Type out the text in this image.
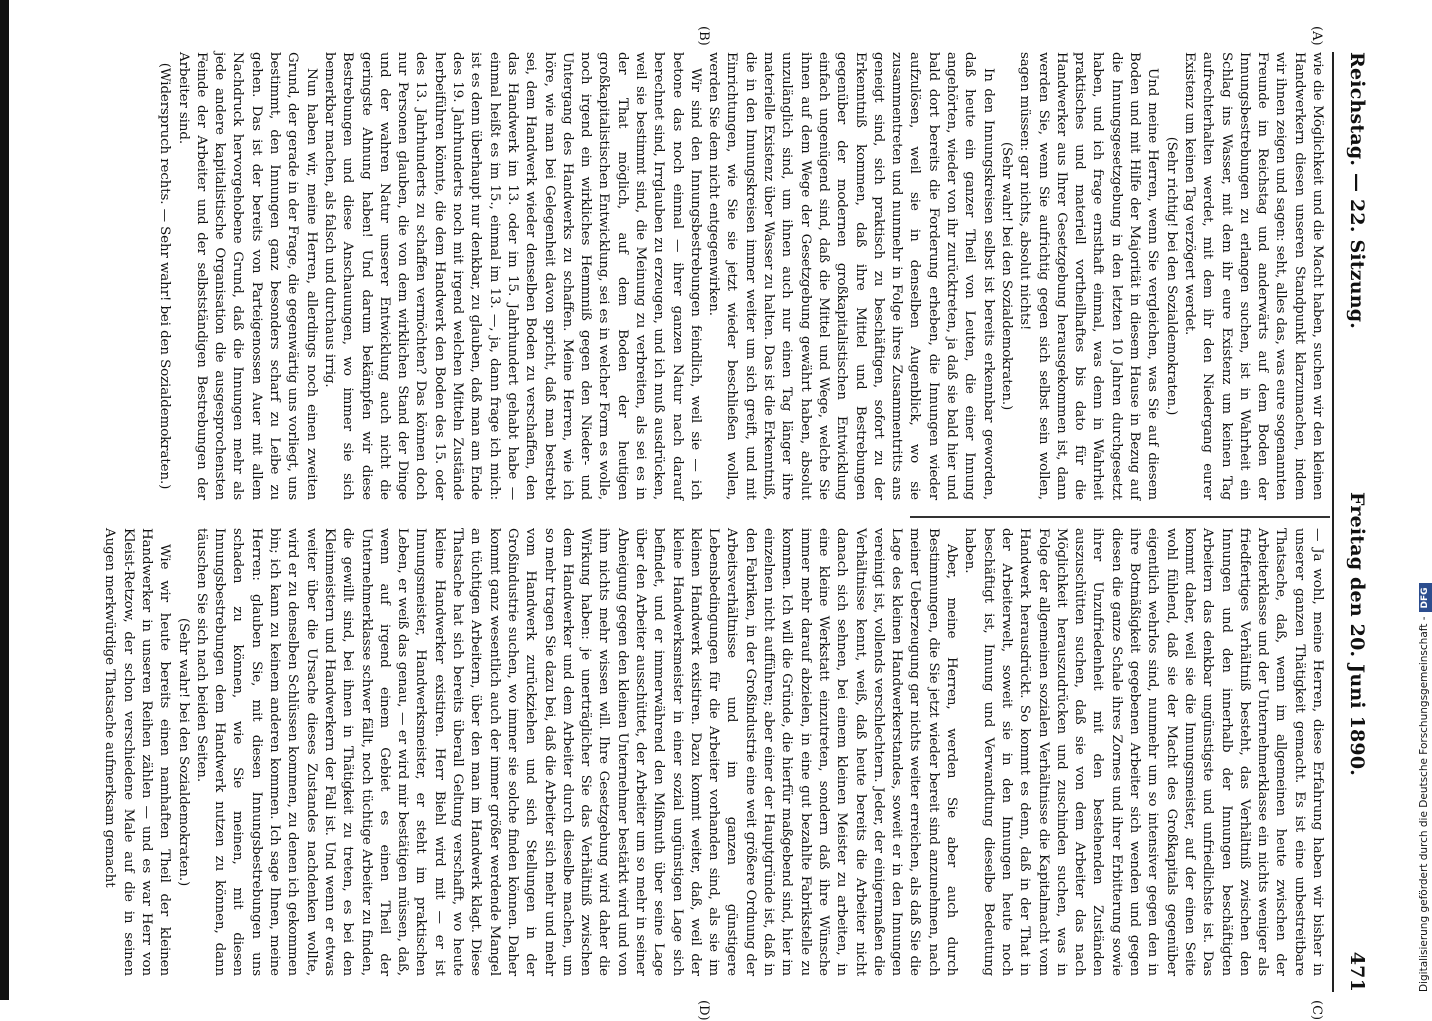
Reichstag. — 22. Sitzung.
Freitag den 20. Juni 1890.
471
(A)
(B)
(C)
(D)

wie die Möglichkeit und die Macht haben, suchen wir den kleinen Handwerkern diesen unseren Standpunkt klarzumachen, indem wir ihnen zeigen und sagen: seht, alles das, was eure sogenannten Freunde im Reichstag und anderwärts auf dem Boden der Innungsbestrebungen zu erlangen suchen, ist in Wahrheit ein Schlag ins Wasser, mit dem ihr eure Existenz um keinen Tag aufrechterhalten werdet, mit dem ihr den Niedergang eurer Existenz um keinen Tag verzögert werdet.

(Sehr richtig! bei den Sozialdemokraten.)

Und meine Herren, wenn Sie vergleichen, was Sie auf diesem Boden und mit Hilfe der Majorität in diesem Hause in Bezug auf die Innungsgesetzgebung in den letzten 10 Jahren durchgesetzt haben, und ich frage ernsthaft einmal, was denn in Wahrheit praktisches und materiell vortheilhaftes bis dato für die Handwerker aus Ihrer Gesetzgebung herausgekommen ist, dann werden Sie, wenn Sie aufrichtig gegen sich selbst sein wollen, sagen müssen: gar nichts, absolut nichts!

(Sehr wahr! bei den Sozialdemokraten.)

In den Innungskreisen selbst ist bereits erkennbar geworden, daß heute ein ganzer Theil von Leuten, die einer Innung angehörten, wieder von ihr zurücktreten, ja daß sie bald hier und bald dort bereits die Forderung erheben, die Innungen wieder aufzulösen, weil sie in denselben Augenblick, wo sie zusammentreten und nunmehr in Folge ihres Zusammentritts ans geneigt sind, sich praktisch zu beschäftigen, sofort zu der Erkenntniß kommen, daß ihre Mittel und Bestrebungen gegenüber der modernen großkapitalistischen Entwicklung einfach ungenügend sind, daß die Mittel und Wege, welche Sie ihnen auf dem Wege der Gesetzgebung gewährt haben, absolut unzulänglich sind, um ihnen auch nur einen Tag länger ihre materielle Existenz über Wasser zu halten. Das ist die Erkenntniß, die in den Innungskreisen immer weiter um sich greift, und mit Einrichtungen, wie Sie sie jetzt wieder beschließen wollen, werden Sie dem nicht entgegenwirken.

Wir sind den Innungsbestrebungen feindlich, weil sie — ich betone das noch einmal — ihrer ganzen Natur nach darauf berechnet sind, Irrglauben zu erzeugen, und ich muß ausdrücken, weil sie bestimmt sind, die Meinung zu verbreiten, als sei es in der That möglich, auf dem Boden der heutigen großkapitalistischen Entwicklung, sei es in welcher Form es wolle, noch irgend ein wirkliches Hemmniß gegen den Nieder- und Untergang des Handwerks zu schaffen. Meine Herren, wie ich höre, wie man bei Gelegenheit davon spricht, daß man bestrebt sei, dem Handwerk wieder denselben Boden zu verschaffen, den das Handwerk im 13. oder im 15. Jahrhundert gehabt habe — einmal heißt es im 15., einmal im 13. —, ja, dann frage ich mich: ist es denn überhaupt nur denkbar, zu glauben, daß man am Ende des 19. Jahrhunderts noch mit irgend welchen Mitteln Zustände herbeiführen könnte, die dem Handwerk den Boden des 15. oder des 13. Jahrhunderts zu schaffen vermöchten? Das können doch nur Personen glauben, die von dem wirklichen Stand der Dinge und der wahren Natur unserer Entwicklung auch nicht die geringste Ahnung haben! Und darum bekämpfen wir diese Bestrebungen und diese Anschauungen, wo immer sie sich bemerkbar machen, als falsch und durchaus irrig.

Nun haben wir, meine Herren, allerdings noch einen zweiten Grund, der gerade in der Frage, die gegenwärtig uns vorliegt, uns bestimmt, den Innungen ganz besonders scharf zu Leibe zu gehen. Das ist der bereits von Parteigenossen Auer mit allem Nachdruck hervorgehobene Grund, daß die Innungen mehr als jede andere kapitalistische Organisation die ausgesprochensten Feinde der Arbeiter und der selbstständigen Bestrebungen der Arbeiter sind.

(Widerspruch rechts. — Sehr wahr! bei den Sozialdemokraten.)

— Ja wohl, meine Herren, diese Erfahrung haben wir bisher in unserer ganzen Thätigkeit gemacht. Es ist eine unbestreitbare Thatsache, daß, wenn im allgemeinen heute zwischen der Arbeiterklasse und der Unternehmerklasse ein nichts weniger als friedfertiges Verhältniß besteht, das Verhältniß zwischen den Innungen und den innerhalb der Innungen beschäftigten Arbeitern das denkbar ungünstigste und unfriedlichste ist. Das kommt daher, weil sie die Innungsmeister, auf der einen Seite wohl fühlend, daß sie der Macht des Großkapitals gegenüber eigentlich wehrlos sind, nunmehr um so intensiver gegen den in ihre Botmäßigkeit gegebenen Arbeiter sich wenden und gegen diesen die ganze Schale ihres Zornes und ihrer Erbitterung sowie ihrer Unzufriedenheit mit den bestehenden Zuständen auszuschütten suchen, daß sie von dem Arbeiter das nach Möglichkeit herauszudrücken und zuschinden suchen, was in Folge der allgemeinen sozialen Verhältnisse die Kapitalmacht vom Handwerk herausdrückt. So kommt es denn, daß in der That in der Arbeiterwelt, soweit sie in den Innungen heute noch beschäftigt ist, Innung und Verwandtung dieselbe Bedeutung haben.

Aber, meine Herren, werden Sie aber auch durch Bestimmungen, die Sie jetzt wieder bereit sind anzunehmen, nach meiner Ueberzeugung gar nichts weiter erreichen, als daß Sie die Lage des kleinen Handwerkerstandes, soweit er in den Innungen vereinigt ist, vollends verschlechtern. Jeder, der einigermaßen die Verhältnisse kennt, weiß, daß heute bereits die Arbeiter nicht danach sich sehnen, bei einem kleinen Meister zu arbeiten, in eine kleine Werkstatt einzutreten, sondern daß ihre Wünsche immer mehr darauf abzielen, in eine gut bezahlte Fabrikstelle zu kommen. Ich will die Gründe, die hierfür maßgebend sind, hier im einzelnen nicht aufführen; aber einer der Hauptgründe ist, daß in den Fabriken, in der Großindustrie eine weit größere Ordnung der Arbeitsverhältnisse und im ganzen günstigere Lebensbedingungen für die Arbeiter vorhanden sind, als sie im kleinen Handwerk existiren. Dazu kommt weiter, daß, weil der kleine Handwerksmeister in einer sozial ungünstigen Lage sich befindet, und er immerwährend den Mißmuth über seine Lage über den Arbeiter ausschüttet, der Arbeiter um so mehr in seiner Abneigung gegen den kleinen Unternehmer bestärkt wird und von ihm nichts mehr wissen will. Ihre Gesetzgebung wird daher die Wirkung haben: je unerträglicher Sie das Verhältniß zwischen dem Handwerker und dem Arbeiter durch dieselbe machen, um so mehr tragen Sie dazu bei, daß die Arbeiter sich mehr und mehr vom Handwerk zurückziehen und sich Stellungen in der Großindustrie suchen, wo immer sie solche finden können. Daher kommt ganz wesentlich auch der immer größer werdende Mangel an tüchtigen Arbeitern, über den man im Handwerk klagt. Diese Thatsache hat sich bereits überall Geltung verschafft, wo heute kleine Handwerker existiren. Herr Biehl wird mit — er ist Innungsmeister, Handwerksmeister, er steht im praktischen Leben, er weiß das genau, — er wird mir bestätigen müssen, daß, wenn auf irgend einem Gebiet es einen Theil der Unternehmerklasse schwer fällt, noch tüchtige Arbeiter zu finden, die gewillt sind, bei ihnen in Thätigkeit zu treten, es bei den Kleinmeistern und Handwerkern der Fall ist. Und wenn er etwas weiter über die Ursache dieses Zustandes nachdenken wollte, wird er zu denselben Schlüssen kommen, zu denen ich gekommen bin; ich kann zu keinem anderen kommen. Ich sage Ihnen, meine Herren: glauben Sie, mit diesen Innungsbestrebungen uns schaden zu können, wie Sie meinen, mit diesen Innungsbestrebungen dem Handwerk nutzen zu können, dann täuschen Sie sich nach beiden Seiten.

(Sehr wahr! bei den Sozialdemokraten.)

Wie wir heute bereits einen namhaften Theil der kleinen Handwerker in unseren Reihen zählen — und es war Herr von Kleist-Retzow, der schon verschiedene Male auf die in seinen Augen merkwürdige Thatsache aufmerksam gemacht	Digitalisierung gefördert durch die Deutsche Forschungsgemeinschaft -DFG
